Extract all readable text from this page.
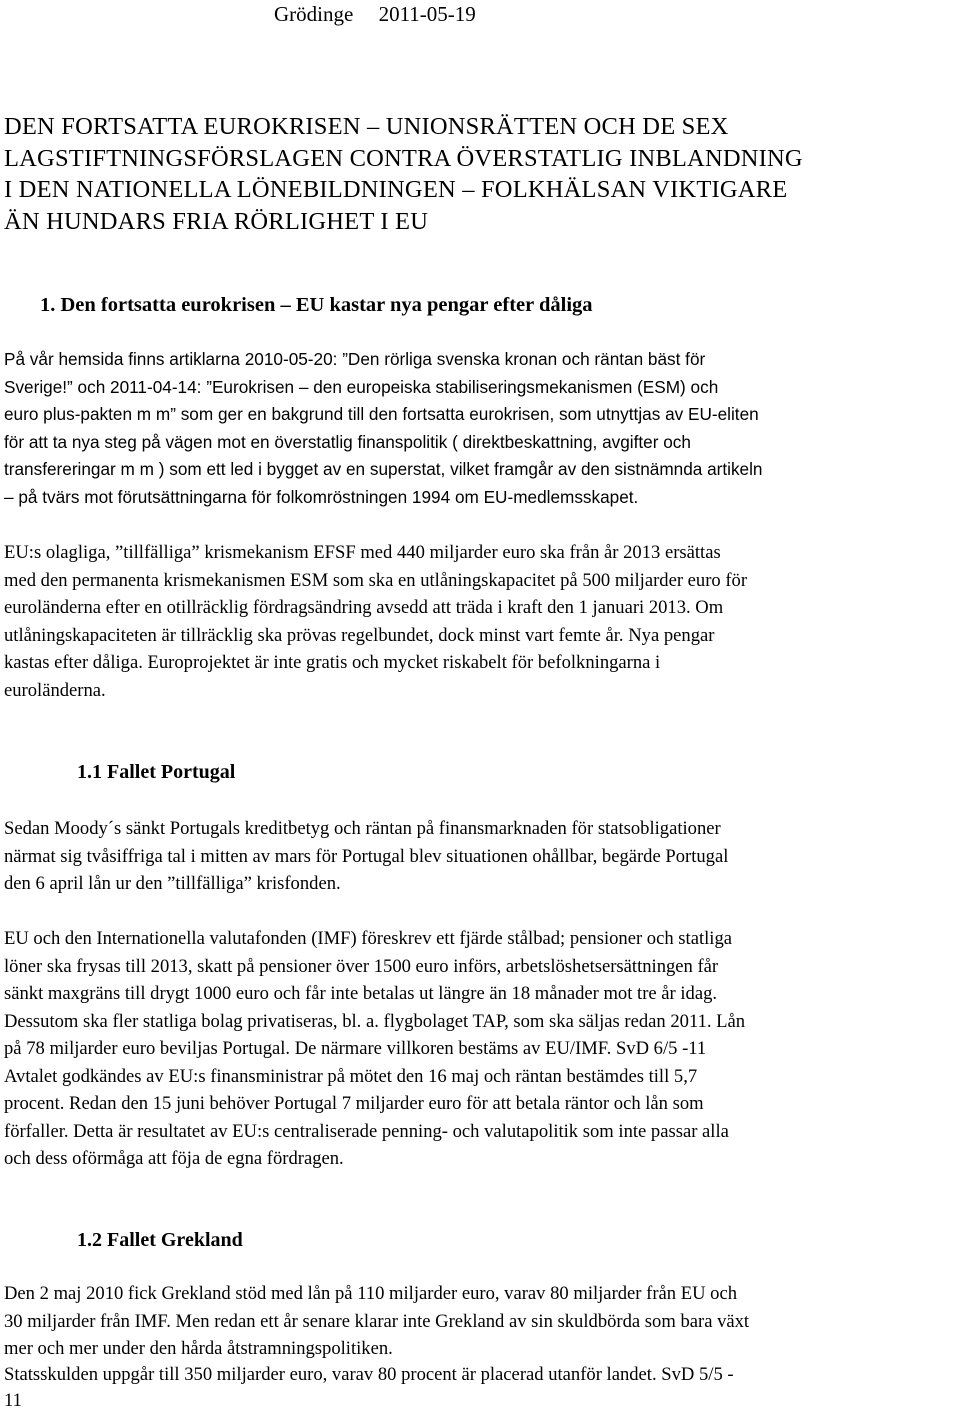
Grödinge 2011-05-19
DEN FORTSATTA EUROKRISEN – UNIONSRÄTTEN OCH DE SEX
LAGSTIFTNINGSFÖRSLAGEN CONTRA ÖVERSTATLIG INBLANDNING
I DEN NATIONELLA LÖNEBILDNINGEN – FOLKHÄLSAN VIKTIGARE
ÄN HUNDARS FRIA RÖRLIGHET I EU
1. Den fortsatta eurokrisen – EU kastar nya pengar efter dåliga
På vår hemsida finns artiklarna 2010-05-20: ”Den rörliga svenska kronan och räntan bäst för
Sverige!” och 2011-04-14: ”Eurokrisen – den europeiska stabiliseringsmekanismen (ESM) och
euro plus-pakten m m” som ger en bakgrund till den fortsatta eurokrisen, som utnyttjas av EU-eliten
för att ta nya steg på vägen mot en överstatlig finanspolitik ( direktbeskattning, avgifter och
transfereringar m m ) som ett led i bygget av en superstat, vilket framgår av den sistnämnda artikeln
– på tvärs mot förutsättningarna för folkomröstningen 1994 om EU-medlemsskapet.
EU:s olagliga, ”tillfälliga” krismekanism EFSF med 440 miljarder euro ska från år 2013 ersättas
med den permanenta krismekanismen ESM som ska en utlåningskapacitet på 500 miljarder euro för
euroländerna efter en otillräcklig fördragsändring avsedd att träda i kraft den 1 januari 2013. Om
utlåningskapaciteten är tillräcklig ska prövas regelbundet, dock minst vart femte år. Nya pengar
kastas efter dåliga. Europrojektet är inte gratis och mycket riskabelt för befolkningarna i
euroländerna.
1.1 Fallet Portugal
Sedan Moody´s sänkt Portugals kreditbetyg och räntan på finansmarknaden för statsobligationer
närmat sig tvåsiffriga tal i mitten av mars för Portugal blev situationen ohållbar, begärde Portugal
den 6 april lån ur den ”tillfälliga” krisfonden.
EU och den Internationella valutafonden (IMF) föreskrev ett fjärde stålbad; pensioner och statliga
löner ska frysas till 2013, skatt på pensioner över 1500 euro införs, arbetslöshetsersättningen får
sänkt maxgräns till drygt 1000 euro och får inte betalas ut längre än 18 månader mot tre år idag.
Dessutom ska fler statliga bolag privatiseras, bl. a. flygbolaget TAP, som ska säljas redan 2011. Lån
på 78 miljarder euro beviljas Portugal. De närmare villkoren bestäms av EU/IMF. SvD 6/5 -11
Avtalet godkändes av EU:s finansministrar på mötet den 16 maj och räntan bestämdes till 5,7
procent. Redan den 15 juni behöver Portugal 7 miljarder euro för att betala räntor och lån som
förfaller. Detta är resultatet av EU:s centraliserade penning- och valutapolitik som inte passar alla
och dess oförmåga att föja de egna fördragen.
1.2 Fallet Grekland
Den 2 maj 2010 fick Grekland stöd med lån på 110 miljarder euro, varav 80 miljarder från EU och
30 miljarder från IMF. Men redan ett år senare klarar inte Grekland av sin skuldbörda som bara växt
mer och mer under den hårda åtstramningspolitiken.
Statsskulden uppgår till 350 miljarder euro, varav 80 procent är placerad utanför landet. SvD 5/5 -
11
